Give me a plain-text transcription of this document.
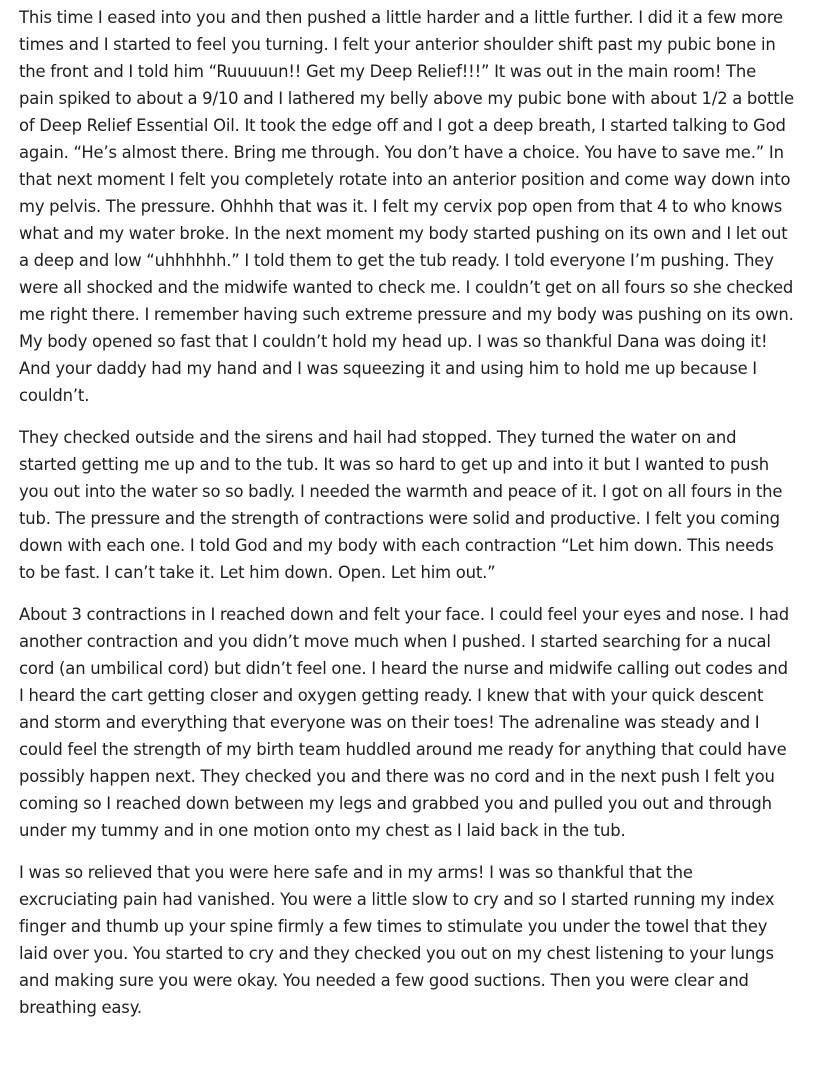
This time I eased into you and then pushed a little harder and a little further. I did it a few more times and I started to feel you turning. I felt your anterior shoulder shift past my pubic bone in the front and I told him “Ruuuuun!! Get my Deep Relief!!!” It was out in the main room! The pain spiked to about a 9/10 and I lathered my belly above my pubic bone with about 1/2 a bottle of Deep Relief Essential Oil. It took the edge off and I got a deep breath, I started talking to God again. “He’s almost there. Bring me through. You don’t have a choice. You have to save me.” In that next moment I felt you completely rotate into an anterior position and come way down into my pelvis. The pressure. Ohhhh that was it. I felt my cervix pop open from that 4 to who knows what and my water broke. In the next moment my body started pushing on its own and I let out a deep and low “uhhhhhh.” I told them to get the tub ready. I told everyone I’m pushing. They were all shocked and the midwife wanted to check me. I couldn’t get on all fours so she checked me right there. I remember having such extreme pressure and my body was pushing on its own. My body opened so fast that I couldn’t hold my head up. I was so thankful Dana was doing it! And your daddy had my hand and I was squeezing it and using him to hold me up because I couldn’t.

They checked outside and the sirens and hail had stopped. They turned the water on and started getting me up and to the tub. It was so hard to get up and into it but I wanted to push you out into the water so so badly. I needed the warmth and peace of it. I got on all fours in the tub. The pressure and the strength of contractions were solid and productive. I felt you coming down with each one. I told God and my body with each contraction “Let him down. This needs to be fast. I can’t take it. Let him down. Open. Let him out.”

About 3 contractions in I reached down and felt your face. I could feel your eyes and nose. I had another contraction and you didn’t move much when I pushed. I started searching for a nucal cord (an umbilical cord) but didn’t feel one. I heard the nurse and midwife calling out codes and I heard the cart getting closer and oxygen getting ready. I knew that with your quick descent and storm and everything that everyone was on their toes! The adrenaline was steady and I could feel the strength of my birth team huddled around me ready for anything that could have possibly happen next. They checked you and there was no cord and in the next push I felt you coming so I reached down between my legs and grabbed you and pulled you out and through under my tummy and in one motion onto my chest as I laid back in the tub.

I was so relieved that you were here safe and in my arms! I was so thankful that the excruciating pain had vanished. You were a little slow to cry and so I started running my index finger and thumb up your spine firmly a few times to stimulate you under the towel that they laid over you. You started to cry and they checked you out on my chest listening to your lungs and making sure you were okay. You needed a few good suctions. Then you were clear and breathing easy.
